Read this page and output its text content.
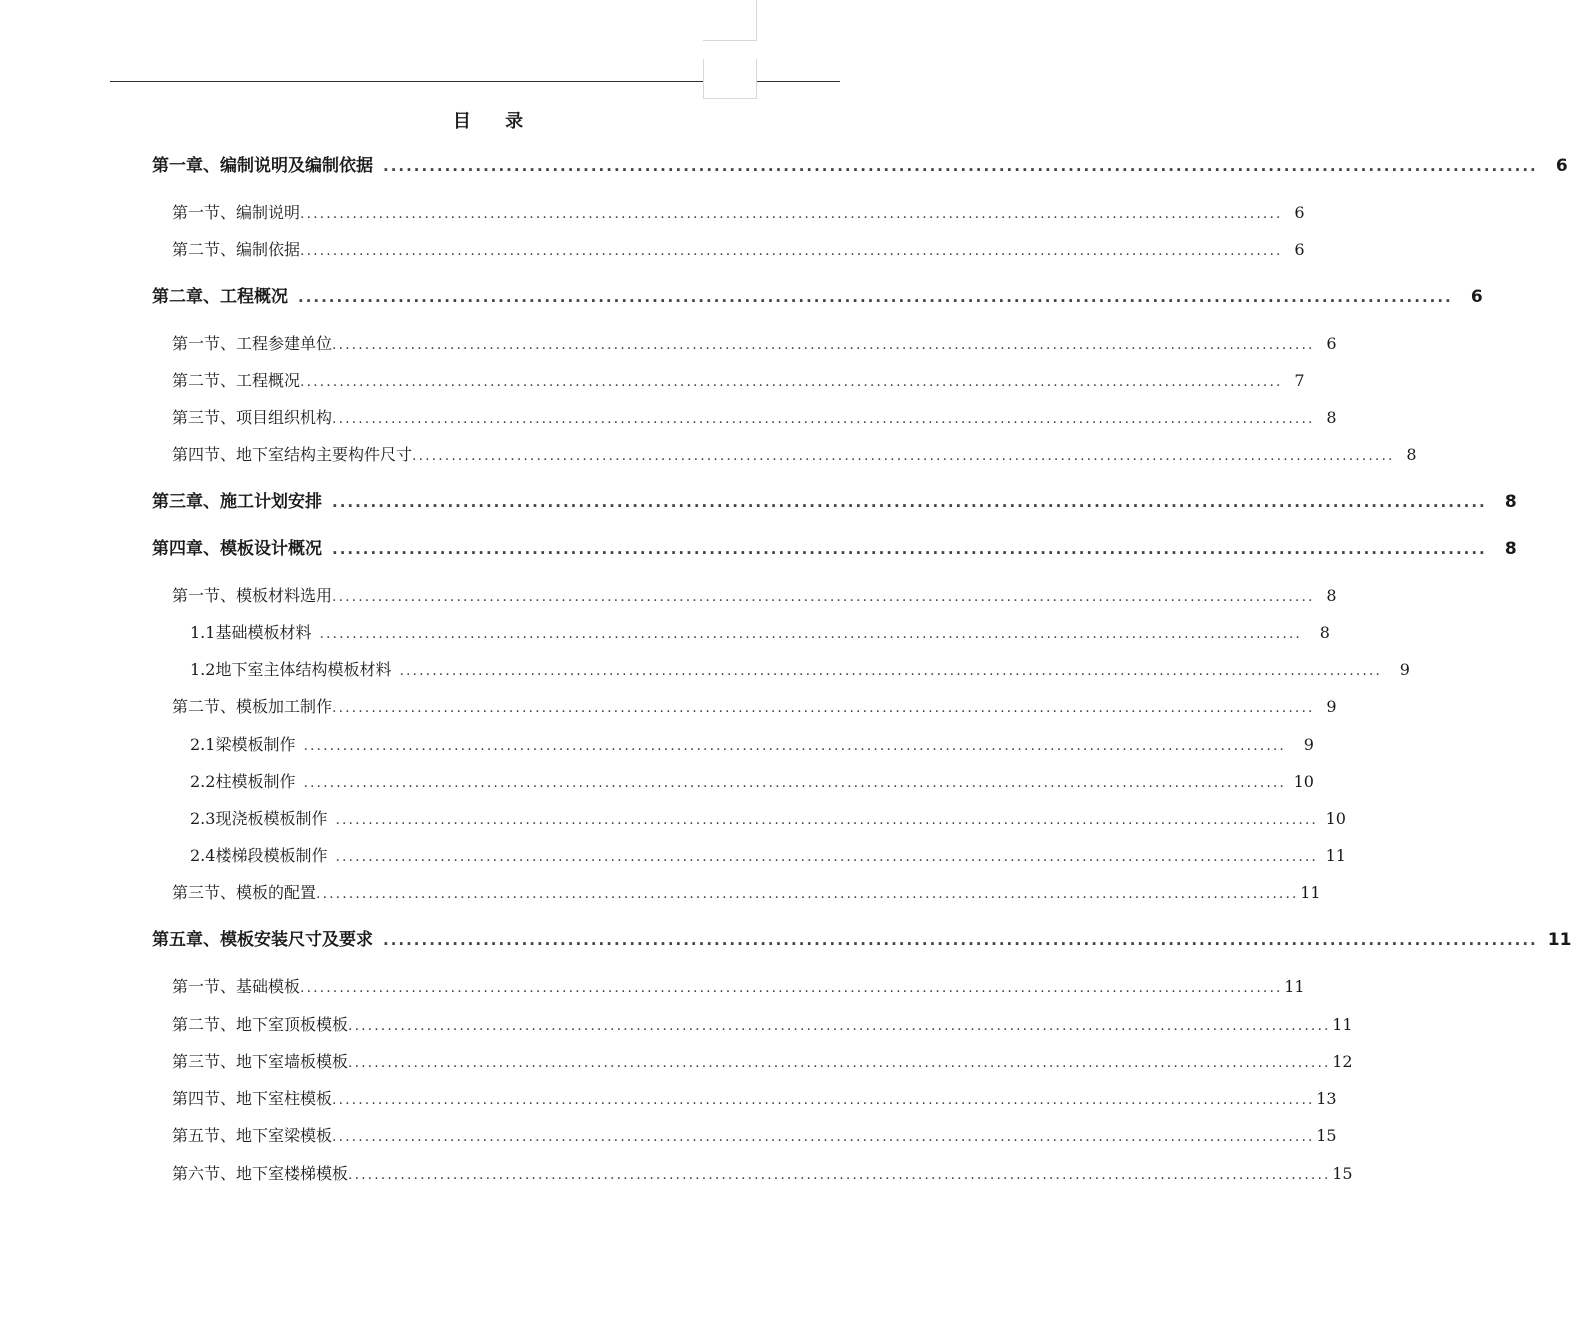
目 录
第一章、编制说明及编制依据 ......................................................................................................................................................	6
第一节、编制说明 ...................................................................................................................................................... 6
第二节、编制依据 ...................................................................................................................................................... 6
第二章、工程概况 ......................................................................................................................................................	6
第一节、工程参建单位 ...................................................................................................................................................... 6
第二节、工程概况 ...................................................................................................................................................... 7
第三节、项目组织机构 ...................................................................................................................................................... 8
第四节、地下室结构主要构件尺寸 ...................................................................................................................................................... 8
第三章、施工计划安排 ......................................................................................................................................................	8
第四章、模板设计概况 ......................................................................................................................................................	8
第一节、模板材料选用 ...................................................................................................................................................... 8
1.1基础模板材料 ......................................................................................................................................................	8
1.2地下室主体结构模板材料 ......................................................................................................................................................	9
第二节、模板加工制作 ...................................................................................................................................................... 9
2.1梁模板制作 ......................................................................................................................................................	9
2.2柱模板制作 ...................................................................................................................................................... 10
2.3现浇板模板制作 ...................................................................................................................................................... 10
2.4楼梯段模板制作 ...................................................................................................................................................... 11
第三节、模板的配置 ...................................................................................................................................................... 11
第五章、模板安装尺寸及要求 ...................................................................................................................................................... 11
第一节、基础模板 ...................................................................................................................................................... 11
第二节、地下室顶板模板 ...................................................................................................................................................... 11
第三节、地下室墙板模板 ...................................................................................................................................................... 12
第四节、地下室柱模板 ...................................................................................................................................................... 13
第五节、地下室梁模板 ...................................................................................................................................................... 15
第六节、地下室楼梯模板 ...................................................................................................................................................... 15
